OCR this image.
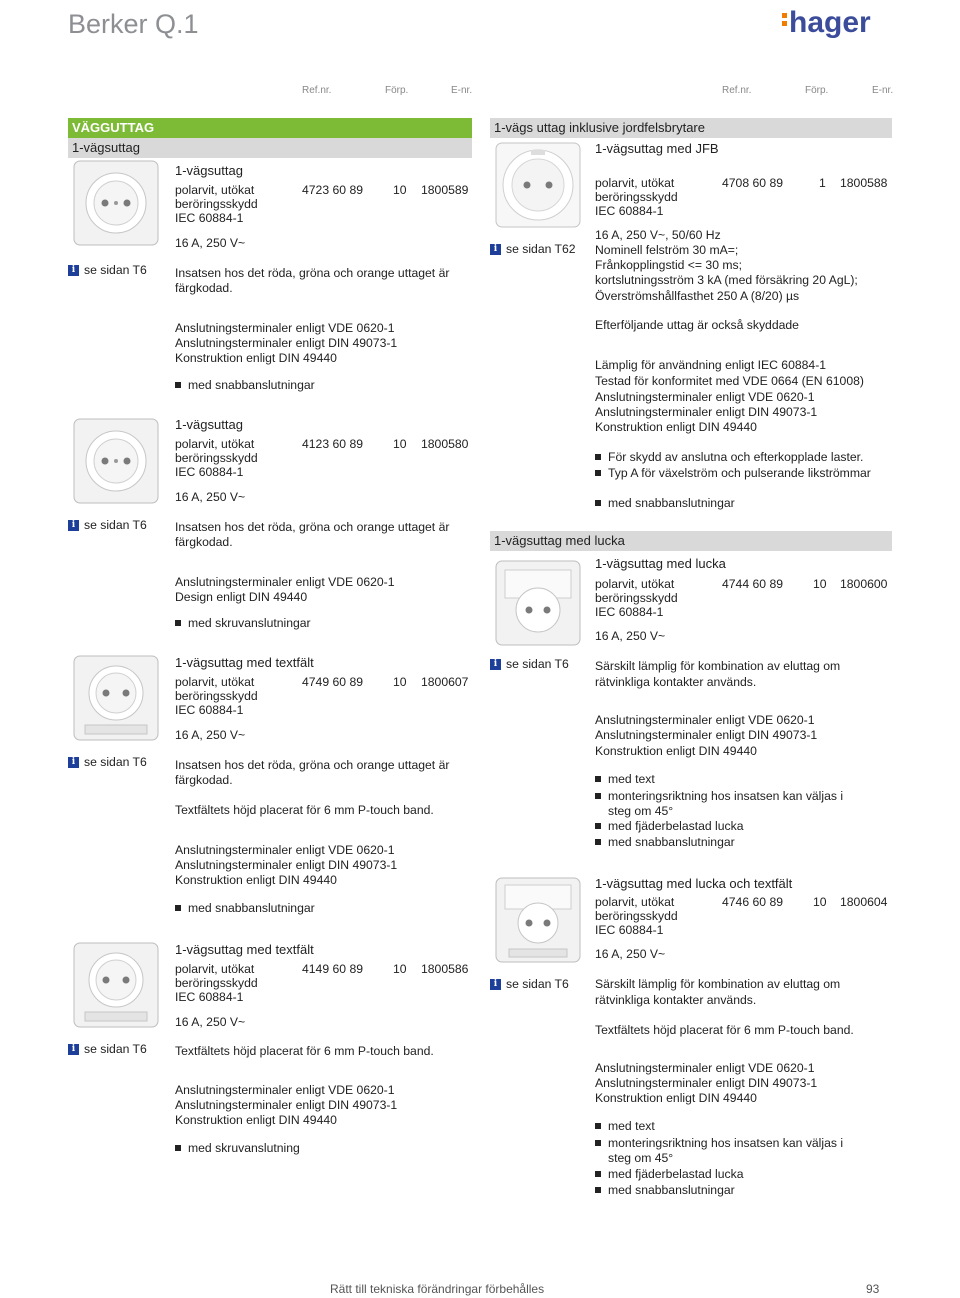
Berker Q.1	hager
Ref.nr.	Förp.	E-nr.	Ref.nr.	Förp.	E-nr.
VÄGGUTTAG
1-vägsuttag
i se sidan T6
1-vägsuttag
polarvit, utökat
beröringsskydd
IEC 60884-1
4723 60 89 10 1800589
16 A, 250 V~
Insatsen hos det röda, gröna och orange uttaget är
färgkodad.
Anslutningsterminaler enligt VDE 0620-1
Anslutningsterminaler enligt DIN 49073-1
Konstruktion enligt DIN 49440
med snabbanslutningar
i se sidan T6
1-vägsuttag
polarvit, utökat
beröringsskydd
IEC 60884-1
4123 60 89 10 1800580
16 A, 250 V~
Insatsen hos det röda, gröna och orange uttaget är
färgkodad.
Anslutningsterminaler enligt VDE 0620-1
Design enligt DIN 49440
med skruvanslutningar
i se sidan T6
1-vägsuttag med textfält
polarvit, utökat
beröringsskydd
IEC 60884-1
4749 60 89 10 1800607
16 A, 250 V~
Insatsen hos det röda, gröna och orange uttaget är
färgkodad.
Textfältets höjd placerat för 6 mm P-touch band.
Anslutningsterminaler enligt VDE 0620-1
Anslutningsterminaler enligt DIN 49073-1
Konstruktion enligt DIN 49440
med snabbanslutningar
i se sidan T6
1-vägsuttag med textfält
polarvit, utökat
beröringsskydd
IEC 60884-1
4149 60 89 10 1800586
16 A, 250 V~
Textfältets höjd placerat för 6 mm P-touch band.
Anslutningsterminaler enligt VDE 0620-1
Anslutningsterminaler enligt DIN 49073-1
Konstruktion enligt DIN 49440
med skruvanslutning
1-vägs uttag inklusive jordfelsbrytare
i se sidan T62
1-vägsuttag med JFB
polarvit, utökat
beröringsskydd
IEC 60884-1
4708 60 89	1 1800588
16 A, 250 V~, 50/60 Hz
Nominell felström 30 mA=;
Frånkopplingstid <= 30 ms;
kortslutningsström 3 kA (med försäkring 20 AgL);
Överströmshållfasthet 250 A (8/20) µs
Efterföljande uttag är också skyddade
Lämplig för användning enligt IEC 60884-1
Testad för konformitet med VDE 0664 (EN 61008)
Anslutningsterminaler enligt VDE 0620-1
Anslutningsterminaler enligt DIN 49073-1
Konstruktion enligt DIN 49440
För skydd av anslutna och efterkopplade laster.
Typ A för växelström och pulserande likströmmar
med snabbanslutningar
1-vägsuttag med lucka
i se sidan T6
1-vägsuttag med lucka
polarvit, utökat
beröringsskydd
IEC 60884-1
4744 60 89 10 1800600
16 A, 250 V~
Särskilt lämplig för kombination av eluttag om
rätvinkliga kontakter används.
Anslutningsterminaler enligt VDE 0620-1
Anslutningsterminaler enligt DIN 49073-1
Konstruktion enligt DIN 49440
med text
monteringsriktning hos insatsen kan väljas i
steg om 45°
med fjäderbelastad lucka
med snabbanslutningar
i se sidan T6
1-vägsuttag med lucka och textfält
polarvit, utökat
beröringsskydd
IEC 60884-1
4746 60 89 10 1800604
16 A, 250 V~
Särskilt lämplig för kombination av eluttag om
rätvinkliga kontakter används.
Textfältets höjd placerat för 6 mm P-touch band.
Anslutningsterminaler enligt VDE 0620-1
Anslutningsterminaler enligt DIN 49073-1
Konstruktion enligt DIN 49440
med text
monteringsriktning hos insatsen kan väljas i
steg om 45°
med fjäderbelastad lucka
med snabbanslutningar
Rätt till tekniska förändringar förbehålles	93
